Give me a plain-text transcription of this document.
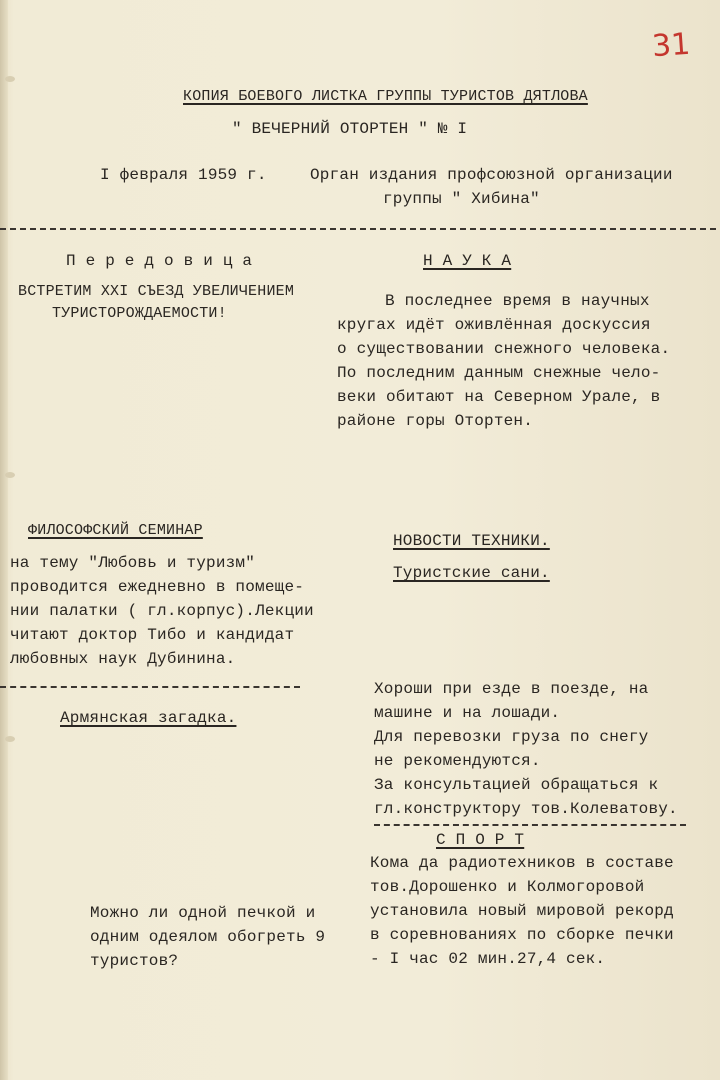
31
КОПИЯ БОЕВОГО ЛИСТКА ГРУППЫ ТУРИСТОВ ДЯТЛОВА
" ВЕЧЕРНИЙ ОТОРТЕН " № I
I февраля 1959 г.	Орган издания профсоюзной организации
группы " Хибина"
П е р е д о в и ц а
ВСТРЕТИМ XXI СЪЕЗД УВЕЛИЧЕНИЕМ
ТУРИСТОРОЖДАЕМОСТИ!
Н А У К А
В последнее время в научных
кругах идёт оживлённая доскуссия
о существовании снежного человека.
По последним данным снежные чело-
веки обитают на Северном Урале, в
районе горы Отортен.
ФИЛОСОФСКИЙ СЕМИНАР
на тему "Любовь и туризм"
проводится ежедневно в помеще-
нии палатки ( гл.корпус).Лекции
читают доктор Тибо и кандидат
любовных наук Дубинина.
НОВОСТИ ТЕХНИКИ.
Туристские сани.
Хороши при езде в поезде, на
машине и на лошади.
Для перевозки груза по снегу
не рекомендуются.
За консультацией обращаться к
гл.конструктору тов.Колеватову.
Армянская загадка.
Можно ли одной печкой и
одним одеялом обогреть 9
туристов?
С П О Р Т
Кома да радиотехников в составе
тов.Дорошенко и Колмогоровой
установила новый мировой рекорд
в соревнованиях по сборке печки
- I час 02 мин.27,4 сек.
